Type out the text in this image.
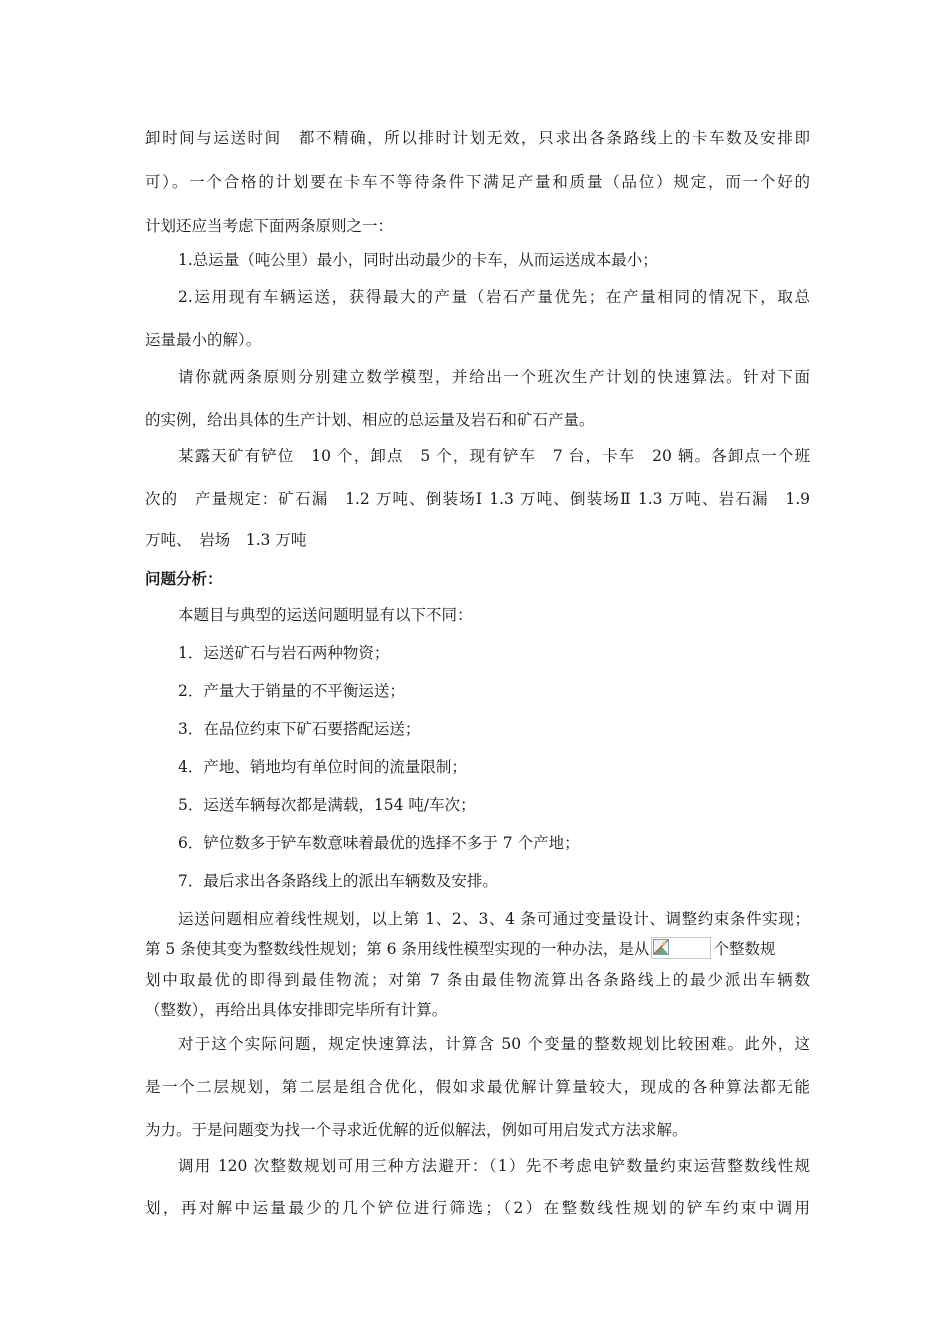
卸时间与运送时间　都不精确，所以排时计划无效，只求出各条路线上的卡车数及安排即
可）。一个合格的计划要在卡车不等待条件下满足产量和质量（品位）规定，而一个好的
计划还应当考虑下面两条原则之一：
1.总运量（吨公里）最小，同时出动最少的卡车，从而运送成本最小；
2.运用现有车辆运送，获得最大的产量（岩石产量优先；在产量相同的情况下，取总
运量最小的解）。
请你就两条原则分别建立数学模型，并给出一个班次生产计划的快速算法。针对下面
的实例，给出具体的生产计划、相应的总运量及岩石和矿石产量。
某露天矿有铲位　10 个，卸点　5 个，现有铲车　7 台，卡车　20 辆。各卸点一个班
次的　产量规定：矿石漏　1.2 万吨、倒装场Ⅰ 1.3 万吨、倒装场Ⅱ 1.3 万吨、岩石漏　1.9
万吨、　岩场　1.3 万吨
问题分析：
本题目与典型的运送问题明显有以下不同：
1．运送矿石与岩石两种物资；
2．产量大于销量的不平衡运送；
3．在品位约束下矿石要搭配运送；
4．产地、销地均有单位时间的流量限制；
5．运送车辆每次都是满载，154 吨/车次；
6．铲位数多于铲车数意味着最优的选择不多于 7 个产地；
7．最后求出各条路线上的派出车辆数及安排。
运送问题相应着线性规划，以上第 1、2、3、4 条可通过变量设计、调整约束条件实现；
第 5 条使其变为整数线性规划；第 6 条用线性模型实现的一种办法，是从	个整数规
划中取最优的即得到最佳物流；对第 7 条由最佳物流算出各条路线上的最少派出车辆数
（整数），再给出具体安排即完毕所有计算。
对于这个实际问题，规定快速算法，计算含 50 个变量的整数规划比较困难。此外，这
是一个二层规划，第二层是组合优化，假如求最优解计算量较大，现成的各种算法都无能
为力。于是问题变为找一个寻求近优解的近似解法，例如可用启发式方法求解。
调用 120 次整数规划可用三种方法避开：（1）先不考虑电铲数量约束运营整数线性规
划，再对解中运量最少的几个铲位进行筛选；（2）在整数线性规划的铲车约束中调用
